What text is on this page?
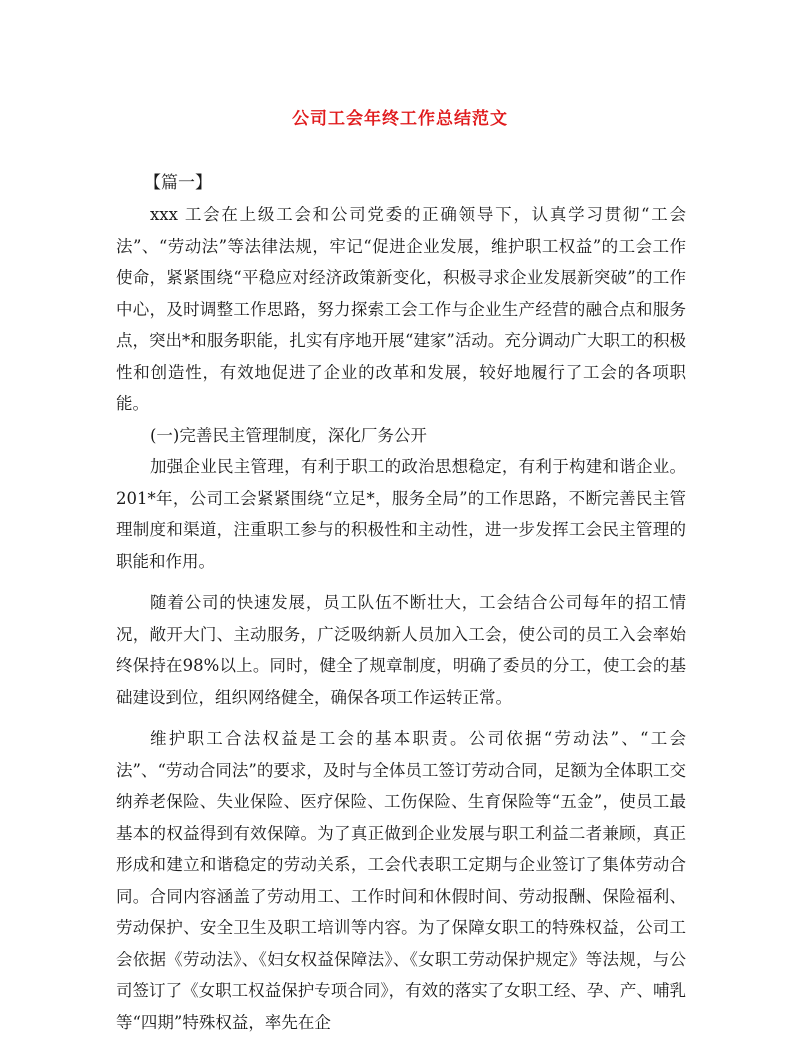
公司工会年终工作总结范文

【篇一】

xxx 工会在上级工会和公司党委的正确领导下，认真学习贯彻“工会法”、“劳动法”等法律法规，牢记“促进企业发展，维护职工权益”的工会工作使命，紧紧围绕“平稳应对经济政策新变化，积极寻求企业发展新突破”的工作中心，及时调整工作思路，努力探索工会工作与企业生产经营的融合点和服务点，突出*和服务职能，扎实有序地开展“建家”活动。充分调动广大职工的积极性和创造性，有效地促进了企业的改革和发展，较好地履行了工会的各项职能。

(一)完善民主管理制度，深化厂务公开

加强企业民主管理，有利于职工的政治思想稳定，有利于构建和谐企业。201*年，公司工会紧紧围绕“立足*，服务全局”的工作思路，不断完善民主管理制度和渠道，注重职工参与的积极性和主动性，进一步发挥工会民主管理的职能和作用。

随着公司的快速发展，员工队伍不断壮大，工会结合公司每年的招工情况，敞开大门、主动服务，广泛吸纳新人员加入工会，使公司的员工入会率始终保持在98%以上。同时，健全了规章制度，明确了委员的分工，使工会的基础建设到位，组织网络健全，确保各项工作运转正常。

维护职工合法权益是工会的基本职责。公司依据“劳动法”、“工会法”、“劳动合同法”的要求，及时与全体员工签订劳动合同，足额为全体职工交纳养老保险、失业保险、医疗保险、工伤保险、生育保险等“五金”，使员工最基本的权益得到有效保障。为了真正做到企业发展与职工利益二者兼顾，真正形成和建立和谐稳定的劳动关系，工会代表职工定期与企业签订了集体劳动合同。合同内容涵盖了劳动用工、工作时间和休假时间、劳动报酬、保险福利、劳动保护、安全卫生及职工培训等内容。为了保障女职工的特殊权益，公司工会依据《劳动法》、《妇女权益保障法》、《女职工劳动保护规定》等法规，与公司签订了《女职工权益保护专项合同》，有效的落实了女职工经、孕、产、哺乳等“四期”特殊权益，率先在企
